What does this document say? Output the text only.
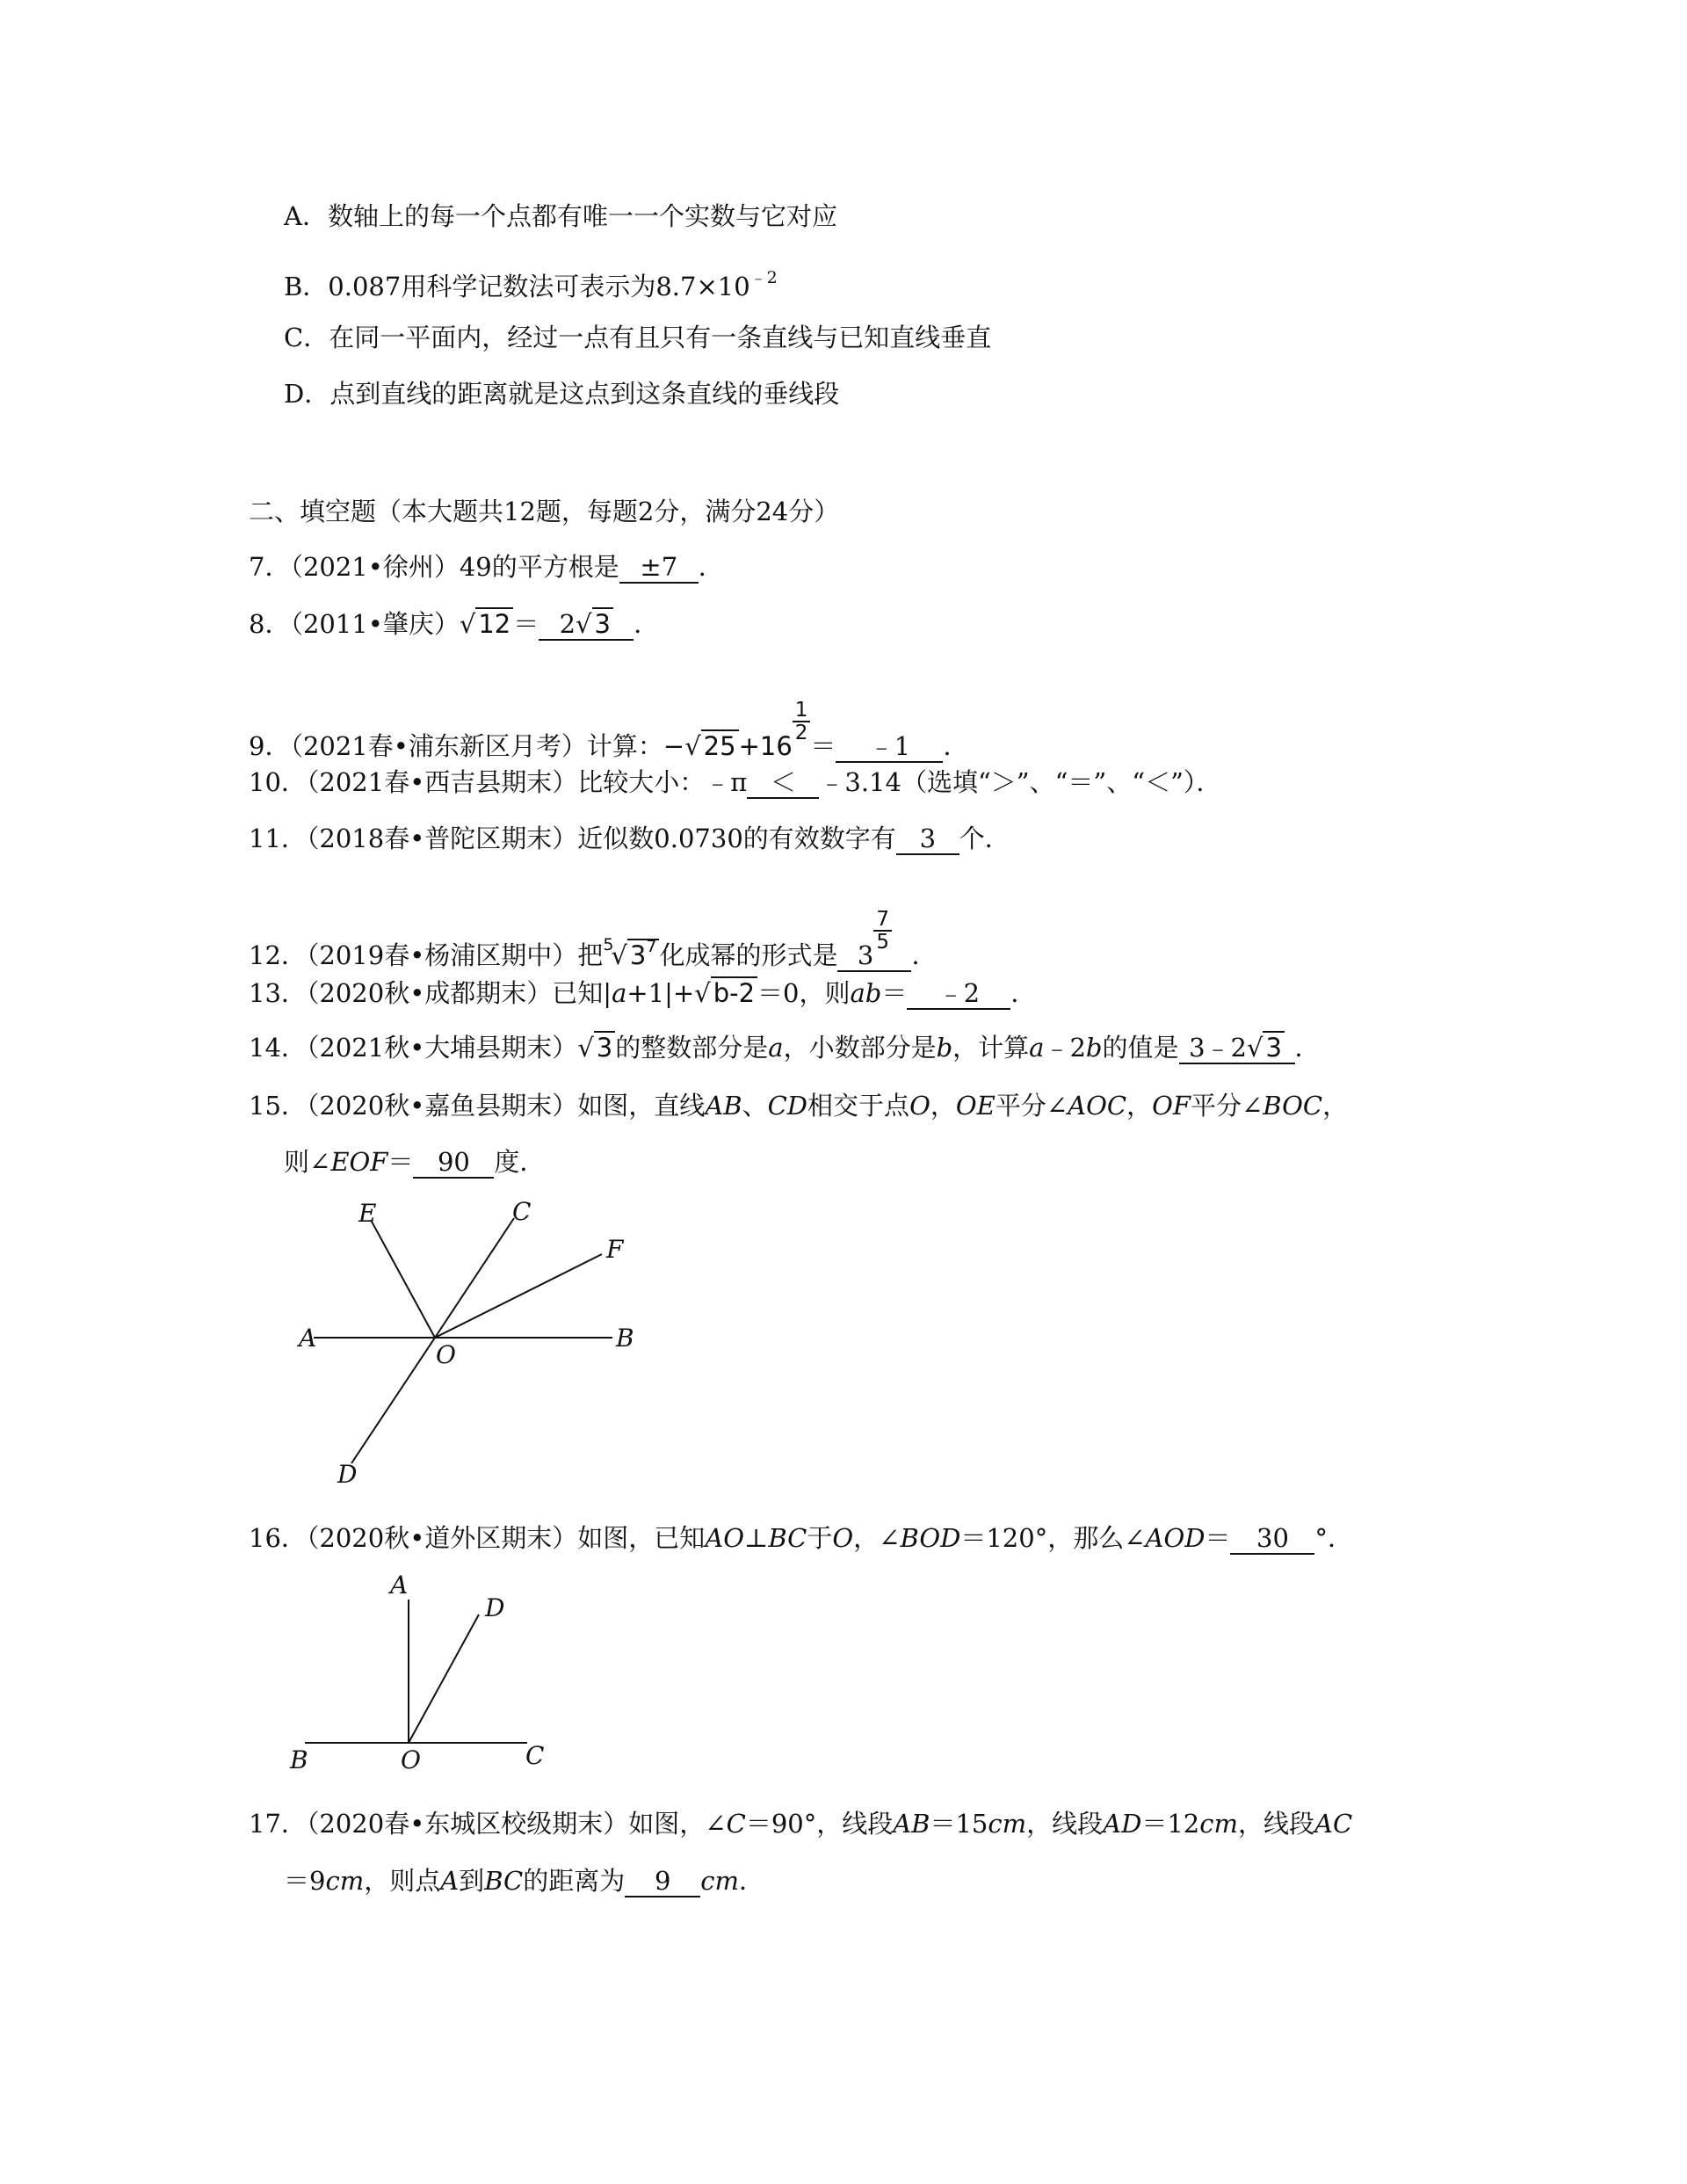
A．数轴上的每一个点都有唯一一个实数与它对应
B．0.087用科学记数法可表示为$8.7\times 10^{﹣2}$
C．在同一平面内，经过一点有且只有一条直线与已知直线垂直
D．点到直线的距离就是这点到这条直线的垂线段
二、填空题（本大题共12题，每题2分，满分24分）
7．（2021•徐州）49的平方根是 ±7 ．
8．（2011•肇庆）√ 12 ＝ 2√ 3 ．
9．（2021春•浦东新区月考）计算：−√ 25 +16
$\frac{1}{2}$
＝ ﹣1 ．
10．（2021春•西吉县期末）比较大小：﹣π ＜ ﹣3.14（选填“＞”、“＝”、“＜”）．
11．（2018春•普陀区期末）近似数0.0730的有效数字有 3 个．
12．（2019春•杨浦区期中）把$^5$√ $3^7$ 化成幂的形式是 3
$\frac{7}{5}$
．
13．（2020秋•成都期末）已知|a+1|+√ b-2 ＝0，则ab＝ ﹣2 ．
14．（2021秋•大埔县期末）√ 3 的整数部分是a，小数部分是b，计算a﹣2b的值是 3﹣2√ 3 ．
15．（2020秋•嘉鱼县期末）如图，直线AB、CD相交于点O，OE平分∠AOC，OF平分∠BOC，
则∠EOF＝ 90 度．
E	C
F
A
O
B
D
16．（2020秋•道外区期末）如图，已知AO⊥BC于O，∠BOD＝120°，那么∠AOD＝ 30 °．
A
D
B	O	C
17．（2020春•东城区校级期末）如图，∠C＝90°，线段AB＝15cm，线段AD＝12cm，线段AC
＝9cm，则点A到BC的距离为 9 cm．
